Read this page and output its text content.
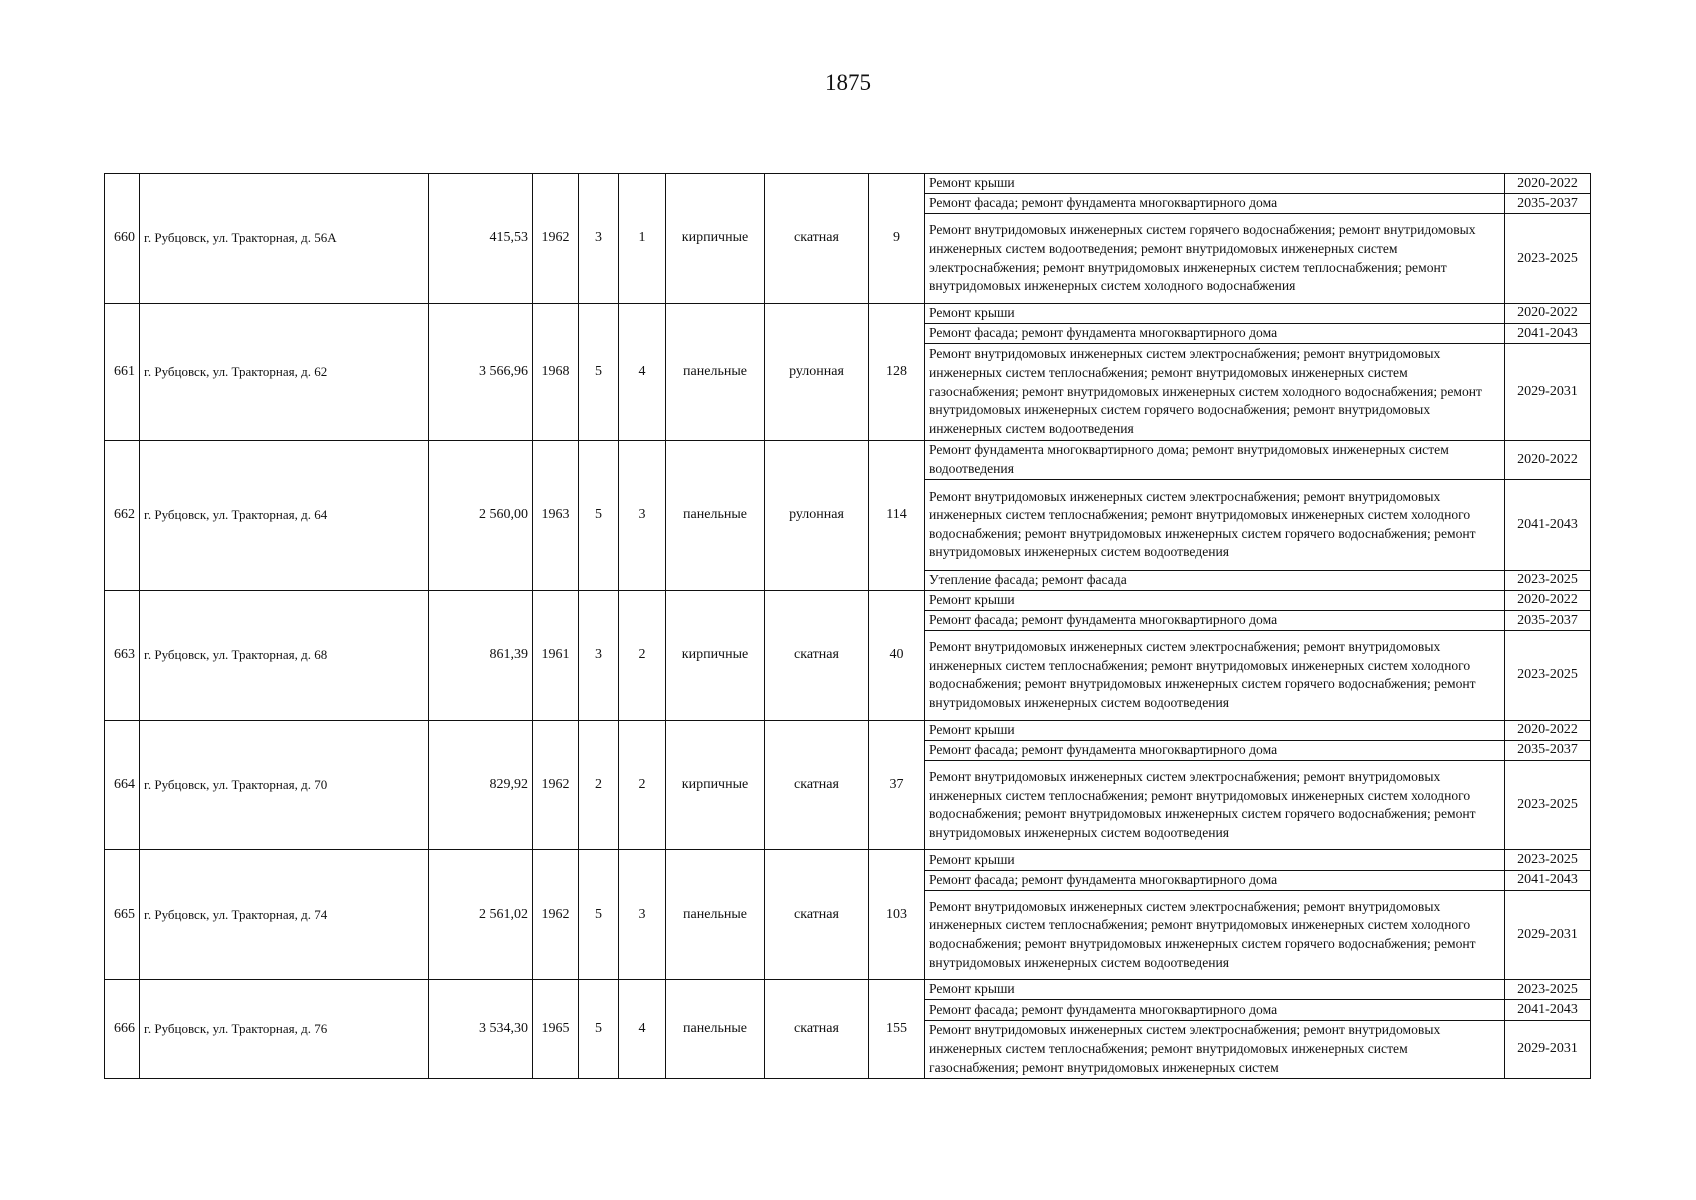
1875
660	г. Рубцовск, ул. Тракторная, д. 56А	415,53	1962	3	1	кирпичные	скатная	9	Ремонт крыши	2020-2022
									Ремонт фасада; ремонт фундамента многоквартирного дома	2035-2037
									Ремонт внутридомовых инженерных систем горячего водоснабжения; ремонт внутридомовых инженерных систем водоотведения; ремонт внутридомовых инженерных систем электроснабжения; ремонт внутридомовых инженерных систем теплоснабжения; ремонт внутридомовых инженерных систем холодного водоснабжения	2023-2025
661	г. Рубцовск, ул. Тракторная, д. 62	3 566,96	1968	5	4	панельные	рулонная	128	Ремонт крыши	2020-2022
									Ремонт фасада; ремонт фундамента многоквартирного дома	2041-2043
									Ремонт внутридомовых инженерных систем электроснабжения; ремонт внутридомовых инженерных систем теплоснабжения; ремонт внутридомовых инженерных систем газоснабжения; ремонт внутридомовых инженерных систем холодного водоснабжения; ремонт внутридомовых инженерных систем горячего водоснабжения; ремонт внутридомовых инженерных систем водоотведения	2029-2031
662	г. Рубцовск, ул. Тракторная, д. 64	2 560,00	1963	5	3	панельные	рулонная	114	Ремонт фундамента многоквартирного дома; ремонт внутридомовых инженерных систем водоотведения	2020-2022
									Ремонт внутридомовых инженерных систем электроснабжения; ремонт внутридомовых инженерных систем теплоснабжения; ремонт внутридомовых инженерных систем холодного водоснабжения; ремонт внутридомовых инженерных систем горячего водоснабжения; ремонт внутридомовых инженерных систем водоотведения	2041-2043
									Утепление фасада; ремонт фасада	2023-2025
663	г. Рубцовск, ул. Тракторная, д. 68	861,39	1961	3	2	кирпичные	скатная	40	Ремонт крыши	2020-2022
									Ремонт фасада; ремонт фундамента многоквартирного дома	2035-2037
									Ремонт внутридомовых инженерных систем электроснабжения; ремонт внутридомовых инженерных систем теплоснабжения; ремонт внутридомовых инженерных систем холодного водоснабжения; ремонт внутридомовых инженерных систем горячего водоснабжения; ремонт внутридомовых инженерных систем водоотведения	2023-2025
664	г. Рубцовск, ул. Тракторная, д. 70	829,92	1962	2	2	кирпичные	скатная	37	Ремонт крыши	2020-2022
									Ремонт фасада; ремонт фундамента многоквартирного дома	2035-2037
									Ремонт внутридомовых инженерных систем электроснабжения; ремонт внутридомовых инженерных систем теплоснабжения; ремонт внутридомовых инженерных систем холодного водоснабжения; ремонт внутридомовых инженерных систем горячего водоснабжения; ремонт внутридомовых инженерных систем водоотведения	2023-2025
665	г. Рубцовск, ул. Тракторная, д. 74	2 561,02	1962	5	3	панельные	скатная	103	Ремонт крыши	2023-2025
									Ремонт фасада; ремонт фундамента многоквартирного дома	2041-2043
									Ремонт внутридомовых инженерных систем электроснабжения; ремонт внутридомовых инженерных систем теплоснабжения; ремонт внутридомовых инженерных систем холодного водоснабжения; ремонт внутридомовых инженерных систем горячего водоснабжения; ремонт внутридомовых инженерных систем водоотведения	2029-2031
666	г. Рубцовск, ул. Тракторная, д. 76	3 534,30	1965	5	4	панельные	скатная	155	Ремонт крыши	2023-2025
									Ремонт фасада; ремонт фундамента многоквартирного дома	2041-2043
									Ремонт внутридомовых инженерных систем электроснабжения; ремонт внутридомовых инженерных систем теплоснабжения; ремонт внутридомовых инженерных систем газоснабжения; ремонт внутридомовых инженерных систем	2029-2031
